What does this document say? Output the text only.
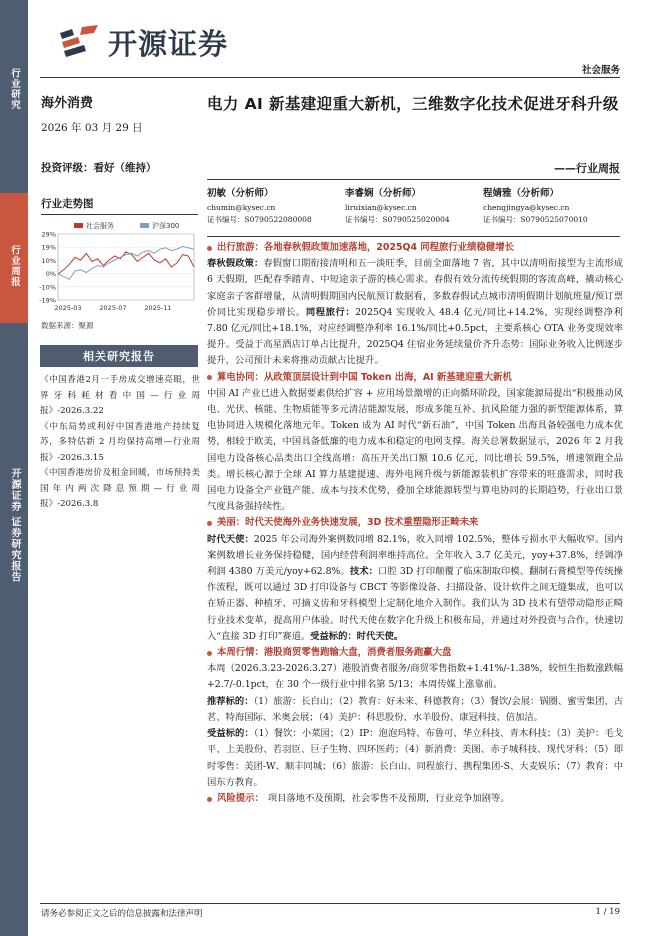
行业研究
行业周报
开源证券 证券研究报告
开源证券
社会服务
海外消费
2026 年 03 月 29 日
投资评级：看好（维持）
行业走势图
社会服务	沪深300
29%
19%
10%
0%
-10%
-19%
2025-03	2025-07	2025-11
数据来源：聚源
相关研究报告

《中国香港2月一手房成交增速亮眼，世界牙科耗材看中国—行业周报》-2026.3.22

《中东局势或利好中国香港地产持续复苏，多特估新 2 月均保持高增—行业周报》-2026.3.15

《中国香港房价及租金回暖，市场预持美国年内两次降息预期—行业周报》-2026.3.8

电力 AI 新基建迎重大新机，三维数字化技术促进牙科升级
——行业周报
初敏（分析师）
chumin@kysec.cn
证书编号：S0790522080008
李睿娴（分析师）
liruixian@kysec.cn
证书编号：S0790525020004
程婧雅（分析师）
chengjingya@kysec.cn
证书编号：S0790525070010
出行旅游：各地春秋假政策加速落地，2025Q4 同程旅行业绩稳健增长

春秋假政策：春假窗口期衔接清明和五一淡旺季，目前全面落地 7 省，其中以清明衔接型为主流形成 6 天假期，匹配春季踏青、中短途亲子游的核心需求。春假有效分流传统假期的客流高峰，撬动核心家庭亲子客群增量，从清明假期国内民航预订数据看，多数春假试点城市清明假期计划航班量/预订票价同比实现稳步增长。同程旅行：2025Q4 实现收入 48.4 亿元/同比+14.2%，实现经调整净利 7.80 亿元/同比+18.1%，对应经调整净利率 16.1%/同比+0.5pct，主要系核心 OTA 业务变现效率提升。受益于高星酒店订单占比提升，2025Q4 住宿业务延续量价齐升态势：国际业务收入比例逐步提升，公司预计未来将推动贡献占比提升。

算电协同：从政策顶层设计到中国 Token 出海，AI 新基建迎重大新机

中国 AI 产业已进入数据要素供给扩容 + 应用场景激增的正向循环阶段，国家能源局提出“积极推动风电、光伏、核能、生物质能等多元清洁能源发展，形成多能互补、抗风险能力强的新型能源体系，算电协同进入规模化落地元年。Token 成为 AI 时代“新石油”，中国 Token 出海具备较强电力成本优势，相较于欧美，中国具备低廉的电力成本和稳定的电网支撑。海关总署数据显示，2026 年 2 月我国电力设备核心品类出口全线高增：高压开关出口额 10.6 亿元，同比增长 59.5%，增速领跑全品类。增长核心源于全球 AI 算力基建提速、海外电网升级与新能源装机扩容带来的旺盛需求，同时我国电力设备全产业链产能、成本与技术优势，叠加全球能源转型与算电协同的长期趋势，行业出口景气度具备强持续性。

美丽：时代天使海外业务快速发展，3D 技术重塑隐形正畸未来

时代天使：2025 年公司海外案例数同增 82.1%，收入同增 102.5%，整体亏损水平大幅收窄。国内案例数增长业务保持稳健，国内经营利润率维持高位。全年收入 3.7 亿美元，yoy+37.8%，经调净利润 4380 万美元/yoy+62.8%。技术：口腔 3D 打印颠覆了临床制取印模、翻制石膏模型等传统操作流程，既可以通过 3D 打印设备与 CBCT 等影像设备、扫描设备、设计软件之间无缝集成，也可以在矫正器、种植牙、可摘义齿和牙科模型上定制化地介入制作。我们认为 3D 技术有望带动隐形正畸行业技术变革，提高用户体验。时代天使在数字化升级上积极布局，并通过对外投资与合作，快速切入“直接 3D 打印”赛道。受益标的：时代天使。

本周行情：港股商贸零售跑输大盘，消费者服务跑赢大盘

本周（2026.3.23-2026.3.27）港股消费者服务/商贸零售指数+1.41%/-1.38%，较恒生指数涨跌幅+2.7/-0.1pct，在 30 个一级行业中排名第 5/13；本周传媒上涨靠前。

推荐标的：（1）旅游：长白山；（2）教育：好未来、科德教育；（3）餐饮/会展：锅圈、蜜雪集团、古茗、特海国际、米奥会展；（4）美护：科思股份、水羊股份、康冠科技、倍加洁。

受益标的：（1）餐饮：小菜园；（2）IP：泡泡玛特、布鲁可、华立科技、青木科技；（3）美护：毛戈平、上美股份、若羽臣、巨子生物、四环医药；（4）新消费：美图、赤子城科技、现代牙科；（5）即时零售：美团-W、顺丰同城；（6）旅游：长白山、同程旅行、携程集团-S、大麦娱乐；（7）教育：中国东方教育。

风险提示： 项目落地不及预期，社会零售不及预期，行业竞争加剧等。
请务必参阅正文之后的信息披露和法律声明	1 / 19
